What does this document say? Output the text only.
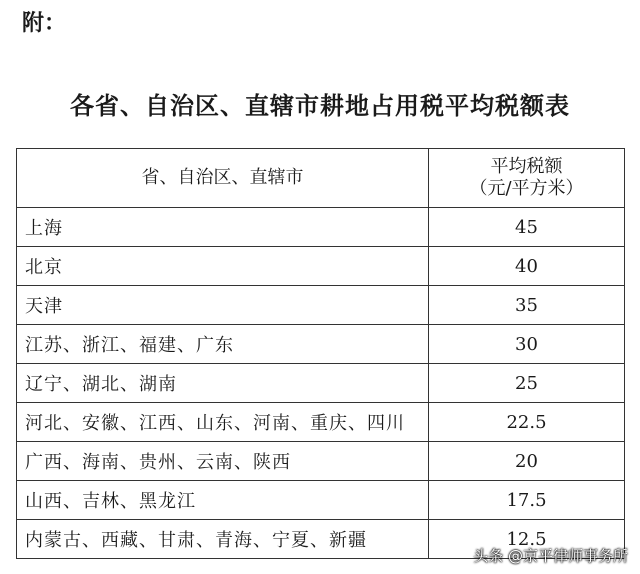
附：
各省、自治区、直辖市耕地占用税平均税额表
省、自治区、直辖市	平均税额
（元/平方米）

上海	45
北京	40
天津	35
江苏、浙江、福建、广东	30
辽宁、湖北、湖南	25
河北、安徽、江西、山东、河南、重庆、四川	22.5
广西、海南、贵州、云南、陕西	20
山西、吉林、黑龙江	17.5
内蒙古、西藏、甘肃、青海、宁夏、新疆	12.5
头条 @京平律师事务所
